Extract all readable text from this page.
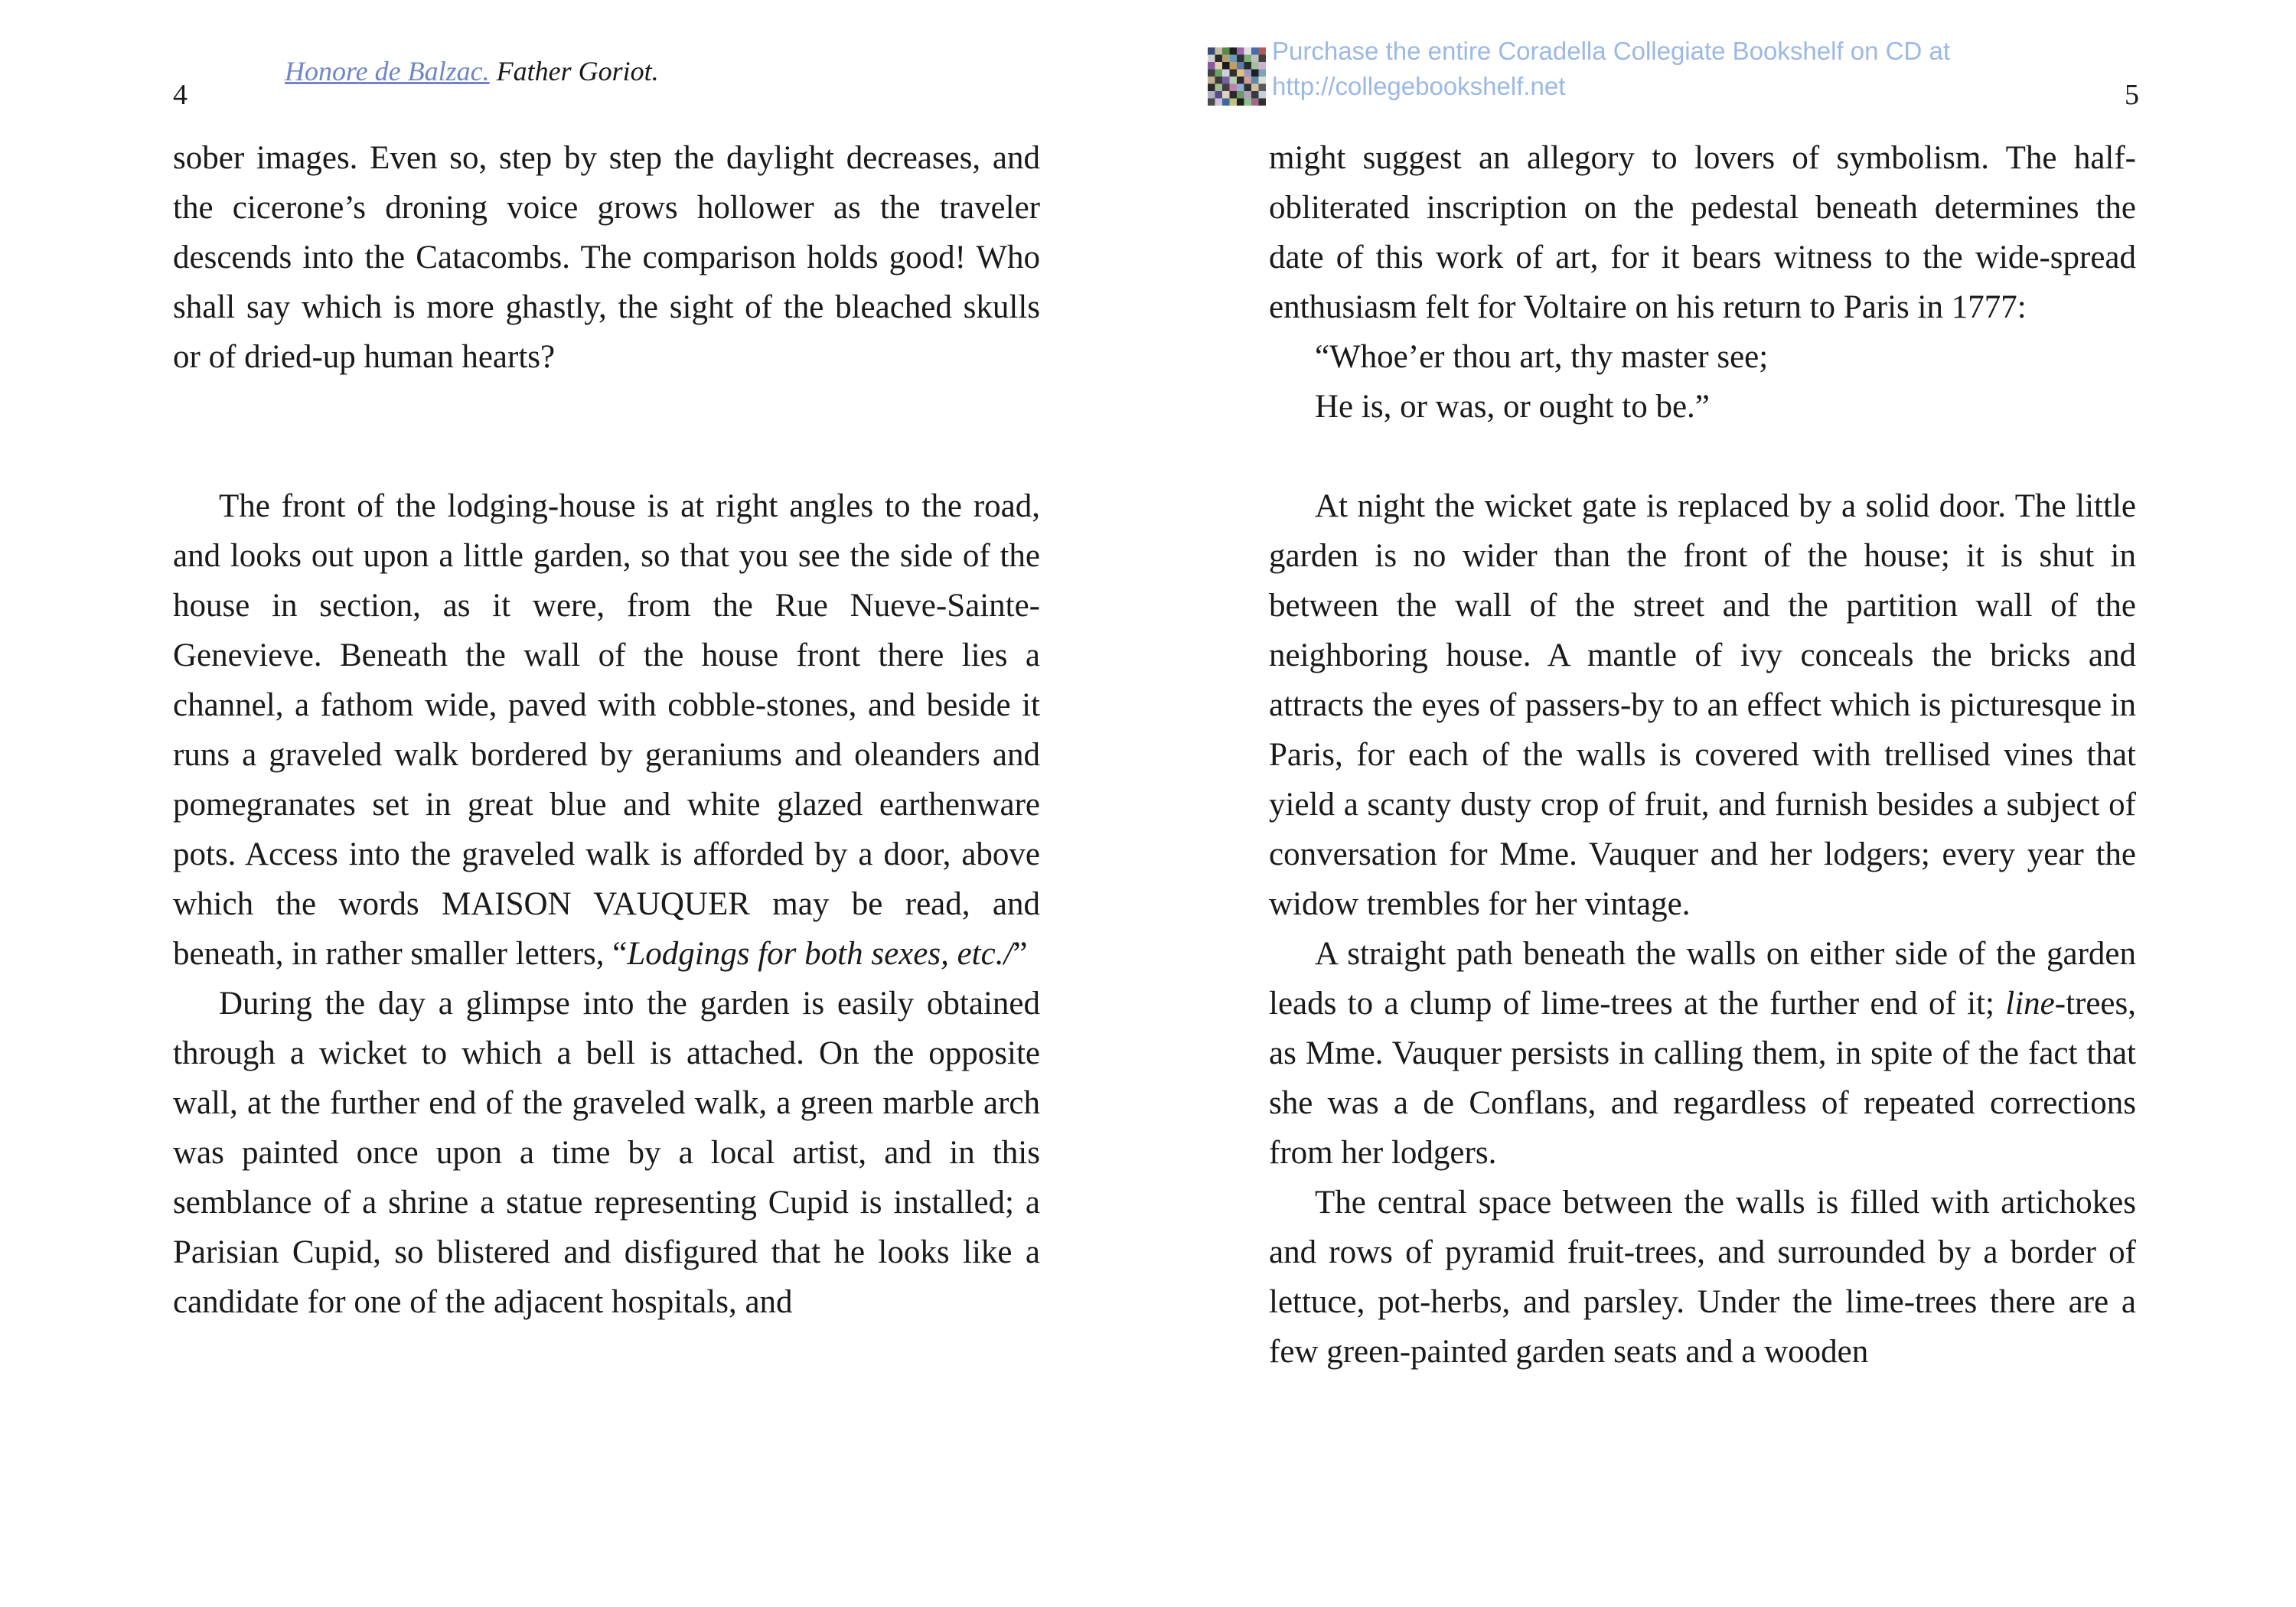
4
Honore de Balzac. Father Goriot.

sober images. Even so, step by step the daylight decreases, and the cicerone’s droning voice grows hollower as the traveler descends into the Catacombs. The comparison holds good! Who shall say which is more ghastly, the sight of the bleached skulls or of dried-up human hearts?

The front of the lodging-house is at right angles to the road, and looks out upon a little garden, so that you see the side of the house in section, as it were, from the Rue Nueve-Sainte-Genevieve. Beneath the wall of the house front there lies a channel, a fathom wide, paved with cobble-stones, and beside it runs a graveled walk bordered by geraniums and oleanders and pomegranates set in great blue and white glazed earthenware pots. Access into the graveled walk is afforded by a door, above which the words MAISON VAUQUER may be read, and beneath, in rather smaller letters, “Lodgings for both sexes, etc./”

During the day a glimpse into the garden is easily obtained through a wicket to which a bell is attached. On the opposite wall, at the further end of the graveled walk, a green marble arch was painted once upon a time by a local artist, and in this semblance of a shrine a statue representing Cupid is installed; a Parisian Cupid, so blistered and disfigured that he looks like a candidate for one of the adjacent hospitals, and

5
Purchase the entire Coradella Collegiate Bookshelf on CD at
http://collegebookshelf.net

might suggest an allegory to lovers of symbolism. The half-obliterated inscription on the pedestal beneath determines the date of this work of art, for it bears witness to the wide-spread enthusiasm felt for Voltaire on his return to Paris in 1777:

“Whoe’er thou art, thy master see;

He is, or was, or ought to be.”

At night the wicket gate is replaced by a solid door. The little garden is no wider than the front of the house; it is shut in between the wall of the street and the partition wall of the neighboring house. A mantle of ivy conceals the bricks and attracts the eyes of passers-by to an effect which is picturesque in Paris, for each of the walls is covered with trellised vines that yield a scanty dusty crop of fruit, and furnish besides a subject of conversation for Mme. Vauquer and her lodgers; every year the widow trembles for her vintage.

A straight path beneath the walls on either side of the garden leads to a clump of lime-trees at the further end of it; line-trees, as Mme. Vauquer persists in calling them, in spite of the fact that she was a de Conflans, and regardless of repeated corrections from her lodgers.

The central space between the walls is filled with artichokes and rows of pyramid fruit-trees, and surrounded by a border of lettuce, pot-herbs, and parsley. Under the lime-trees there are a few green-painted garden seats and a wooden
